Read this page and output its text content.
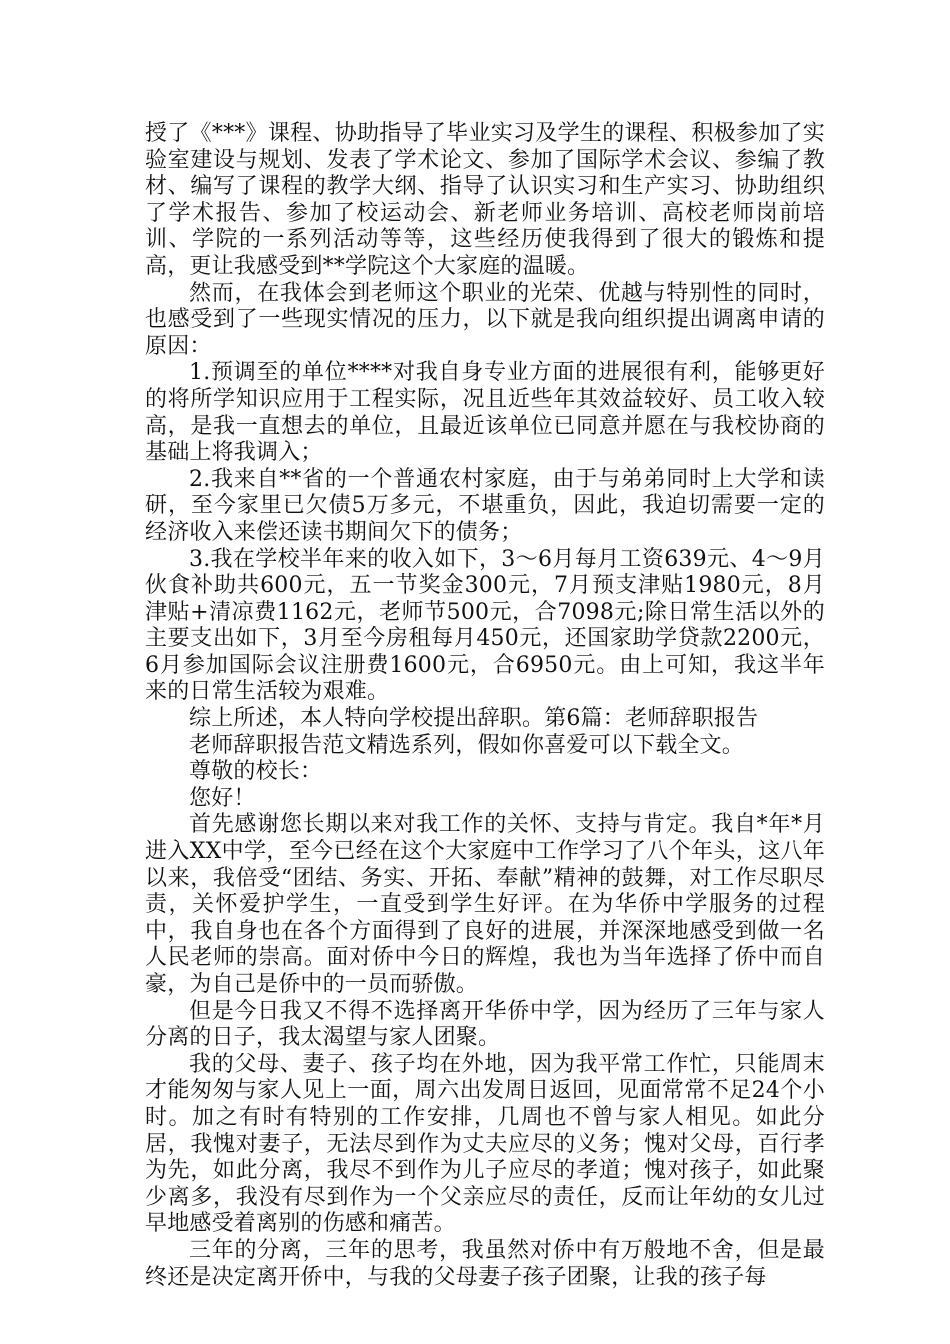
授了《***》课程、协助指导了毕业实习及学生的课程、积极参加了实验室建设与规划、发表了学术论文、参加了国际学术会议、参编了教材、编写了课程的教学大纲、指导了认识实习和生产实习、协助组织了学术报告、参加了校运动会、新老师业务培训、高校老师岗前培训、学院的一系列活动等等，这些经历使我得到了很大的锻炼和提高，更让我感受到**学院这个大家庭的温暖。

然而，在我体会到老师这个职业的光荣、优越与特别性的同时，也感受到了一些现实情况的压力，以下就是我向组织提出调离申请的原因：

1.预调至的单位****对我自身专业方面的进展很有利，能够更好的将所学知识应用于工程实际，况且近些年其效益较好、员工收入较高，是我一直想去的单位，且最近该单位已同意并愿在与我校协商的基础上将我调入；

2.我来自**省的一个普通农村家庭，由于与弟弟同时上大学和读研，至今家里已欠债5万多元，不堪重负，因此，我迫切需要一定的经济收入来偿还读书期间欠下的债务；

3.我在学校半年来的收入如下，3～6月每月工资639元、4～9月伙食补助共600元，五一节奖金300元，7月预支津贴1980元，8月津贴+清凉费1162元，老师节500元，合7098元;除日常生活以外的主要支出如下，3月至今房租每月450元，还国家助学贷款2200元，6月参加国际会议注册费1600元，合6950元。由上可知，我这半年来的日常生活较为艰难。

综上所述，本人特向学校提出辞职。第6篇：老师辞职报告

老师辞职报告范文精选系列，假如你喜爱可以下载全文。

尊敬的校长：

您好！

首先感谢您长期以来对我工作的关怀、支持与肯定。我自*年*月进入XX中学，至今已经在这个大家庭中工作学习了八个年头，这八年以来，我倍受“团结、务实、开拓、奉献”精神的鼓舞，对工作尽职尽责，关怀爱护学生，一直受到学生好评。在为华侨中学服务的过程中，我自身也在各个方面得到了良好的进展，并深深地感受到做一名人民老师的崇高。面对侨中今日的辉煌，我也为当年选择了侨中而自豪，为自己是侨中的一员而骄傲。

但是今日我又不得不选择离开华侨中学，因为经历了三年与家人分离的日子，我太渴望与家人团聚。

我的父母、妻子、孩子均在外地，因为我平常工作忙，只能周末才能匆匆与家人见上一面，周六出发周日返回，见面常常不足24个小时。加之有时有特别的工作安排，几周也不曾与家人相见。如此分居，我愧对妻子，无法尽到作为丈夫应尽的义务；愧对父母，百行孝为先，如此分离，我尽不到作为儿子应尽的孝道；愧对孩子，如此聚少离多，我没有尽到作为一个父亲应尽的责任，反而让年幼的女儿过早地感受着离别的伤感和痛苦。

三年的分离，三年的思考，我虽然对侨中有万般地不舍，但是最终还是决定离开侨中，与我的父母妻子孩子团聚，让我的孩子每
